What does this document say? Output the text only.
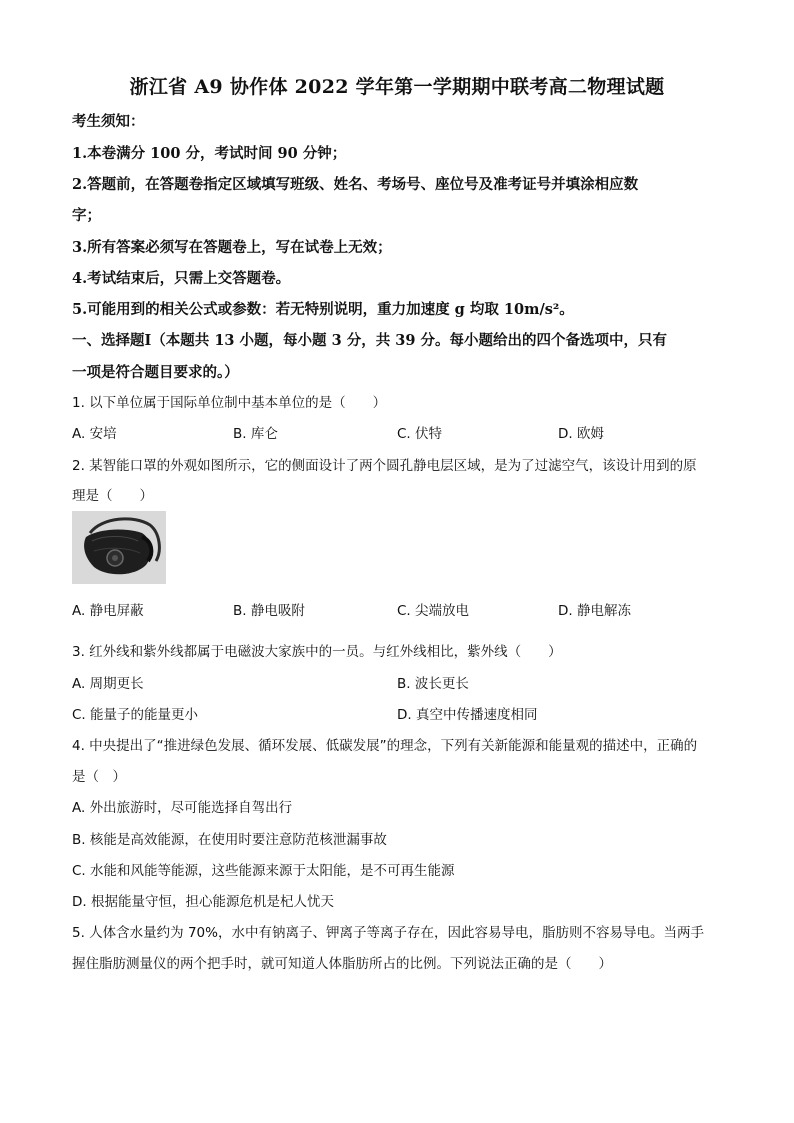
浙江省 A9 协作体 2022 学年第一学期期中联考高二物理试题
考生须知：
1.本卷满分 100 分，考试时间 90 分钟；
2.答题前，在答题卷指定区域填写班级、姓名、考场号、座位号及准考证号并填涂相应数
字；
3.所有答案必须写在答题卷上，写在试卷上无效；
4.考试结束后，只需上交答题卷。
5.可能用到的相关公式或参数：若无特别说明，重力加速度 g 均取 10m/s²。
一、选择题Ⅰ（本题共 13 小题，每小题 3 分，共 39 分。每小题给出的四个备选项中，只有
一项是符合题目要求的。）
1. 以下单位属于国际单位制中基本单位的是（　　）
A. 安培	B. 库仑	C. 伏特	D. 欧姆
2. 某智能口罩的外观如图所示，它的侧面设计了两个圆孔静电层区域，是为了过滤空气，该设计用到的原
理是（　　）
A. 静电屏蔽	B. 静电吸附	C. 尖端放电	D. 静电解冻
3. 红外线和紫外线都属于电磁波大家族中的一员。与红外线相比，紫外线（　　）
A. 周期更长	B. 波长更长
C. 能量子的能量更小	D. 真空中传播速度相同
4. 中央提出了“推进绿色发展、循环发展、低碳发展”的理念，下列有关新能源和能量观的描述中，正确的
是（　）
A. 外出旅游时，尽可能选择自驾出行
B. 核能是高效能源，在使用时要注意防范核泄漏事故
C. 水能和风能等能源，这些能源来源于太阳能，是不可再生能源
D. 根据能量守恒，担心能源危机是杞人忧天
5. 人体含水量约为 70%，水中有钠离子、钾离子等离子存在，因此容易导电，脂肪则不容易导电。当两手
握住脂肪测量仪的两个把手时，就可知道人体脂肪所占的比例。下列说法正确的是（　　）
